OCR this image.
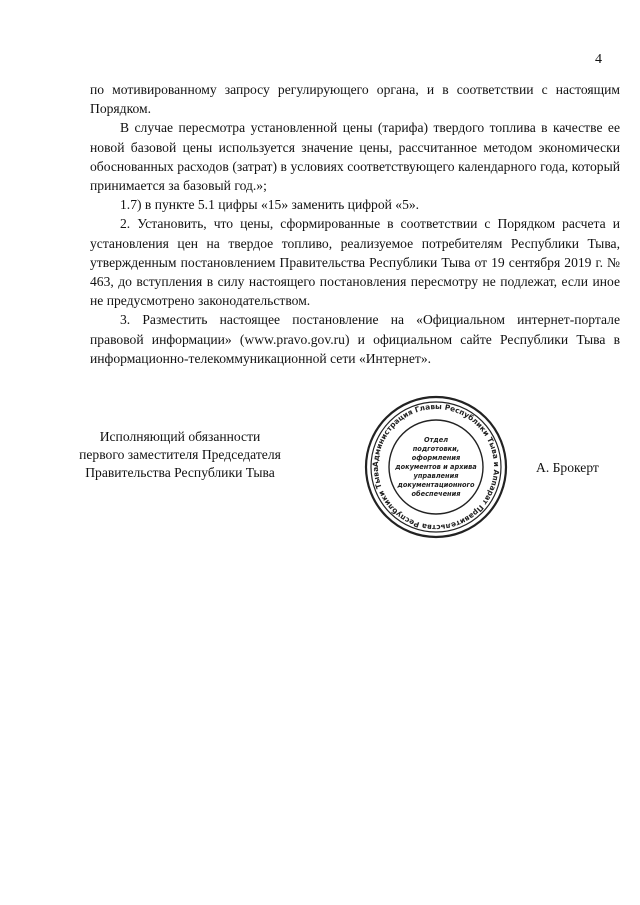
4

по мотивированному запросу регулирующего органа, и в соответствии с настоящим Порядком.

В случае пересмотра установленной цены (тарифа) твердого топлива в качестве ее новой базовой цены используется значение цены, рассчитанное методом экономически обоснованных расходов (затрат) в условиях соответствующего календарного года, который принимается за базовый год.»;

1.7) в пункте 5.1 цифры «15» заменить цифрой «5».

2. Установить, что цены, сформированные в соответствии с Порядком расчета и установления цен на твердое топливо, реализуемое потребителям Республики Тыва, утвержденным постановлением Правительства Республики Тыва от 19 сентября 2019 г. № 463, до вступления в силу настоящего постановления пересмотру не подлежат, если иное не предусмотрено законодательством.

3. Разместить настоящее постановление на «Официальном интернет-портале правовой информации» (www.pravo.gov.ru) и официальном сайте Республики Тыва в информационно-телекоммуникационной сети «Интернет».

Исполняющий обязанности
первого заместителя Председателя
Правительства Республики Тыва
Администрация Главы Республики Тыва и Аппарат Правительства Республики Тыва
Отдел
подготовки,
оформления
документов и архива
управления
документационного
обеспечения
А. Брокерт
